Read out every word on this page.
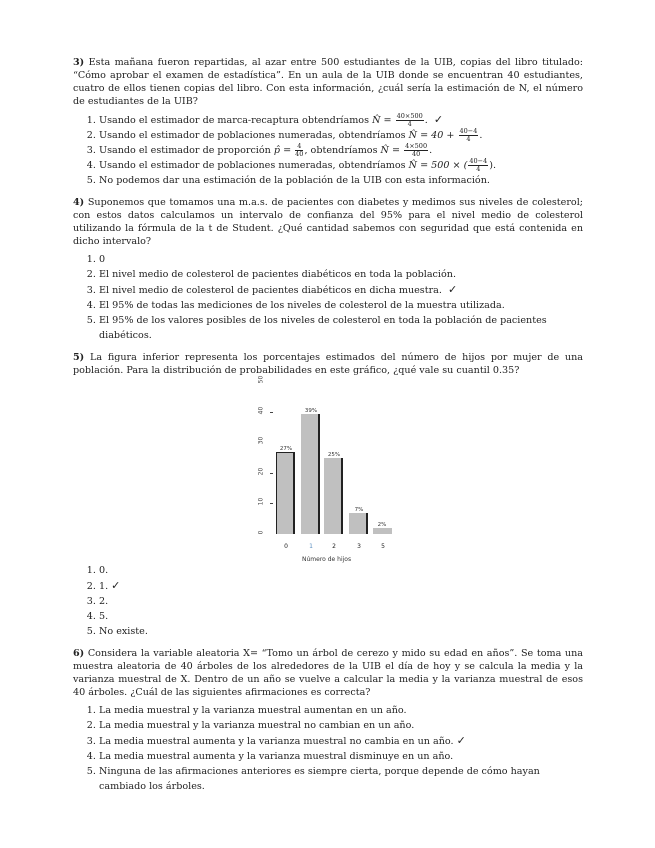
3) Esta mañana fueron repartidas, al azar entre 500 estudiantes de la UIB, copias del libro titulado: “Cómo aprobar el examen de estadística”. En un aula de la UIB donde se encuentran 40 estudiantes, cuatro de ellos tienen copias del libro. Con esta información, ¿cuál sería la estimación de N, el número de estudiantes de la UIB?

1. Usando el estimador de marca-recaptura obtendríamos N̂ = $\frac{40\times 500}{4}$ . ✓
2. Usando el estimador de poblaciones numeradas, obtendríamos N̂ = $40 + \frac{40-4}{4}$ .
3. Usando el estimador de proporción p̂ = $\frac{4}{40}$ , obtendríamos N̂ = $\frac{4\times 500}{40}$ .
4. Usando el estimador de poblaciones numeradas, obtendríamos N̂ = 500 × ( $\frac{40-4}{4}$ ).
5. No podemos dar una estimación de la población de la UIB con esta información.

4) Suponemos que tomamos una m.a.s. de pacientes con diabetes y medimos sus niveles de colesterol; con estos datos calculamos un intervalo de confianza del 95% para el nivel medio de colesterol utilizando la fórmula de la t de Student. ¿Qué cantidad sabemos con seguridad que está contenida en dicho intervalo?

1. 0
2. El nivel medio de colesterol de pacientes diabéticos en toda la población.
3. El nivel medio de colesterol de pacientes diabéticos en dicha muestra. ✓
4. El 95% de todas las mediciones de los niveles de colesterol de la muestra utilizada.
5. El 95% de los valores posibles de los niveles de colesterol en toda la población de pacientes diabéticos.

5) La figura inferior representa los porcentajes estimados del número de hijos por mujer de una población. Para la distribución de probabilidades en este gráfico, ¿qué vale su cuantil 0.35?

1. 0.
2. 1. ✓
3. 2.
4. 5.
5. No existe.

6) Considera la variable aleatoria X= “Tomo un árbol de cerezo y mido su edad en años”. Se toma una muestra aleatoria de 40 árboles de los alrededores de la UIB el día de hoy y se calcula la media y la varianza muestral de X. Dentro de un año se vuelve a calcular la media y la varianza muestral de esos 40 árboles. ¿Cuál de las siguientes afirmaciones es correcta?

1. La media muestral y la varianza muestral aumentan en un año.
2. La media muestral y la varianza muestral no cambian en un año.
3. La media muestral aumenta y la varianza muestral no cambia en un año. ✓
4. La media muestral aumenta y la varianza muestral disminuye en un año.
5. Ninguna de las afirmaciones anteriores es siempre cierta, porque depende de cómo hayan cambiado los árboles.
0
10
20
30
40
50
27%
39%
25%
7%
2%
0	1	2	3	5
Número de hijos
